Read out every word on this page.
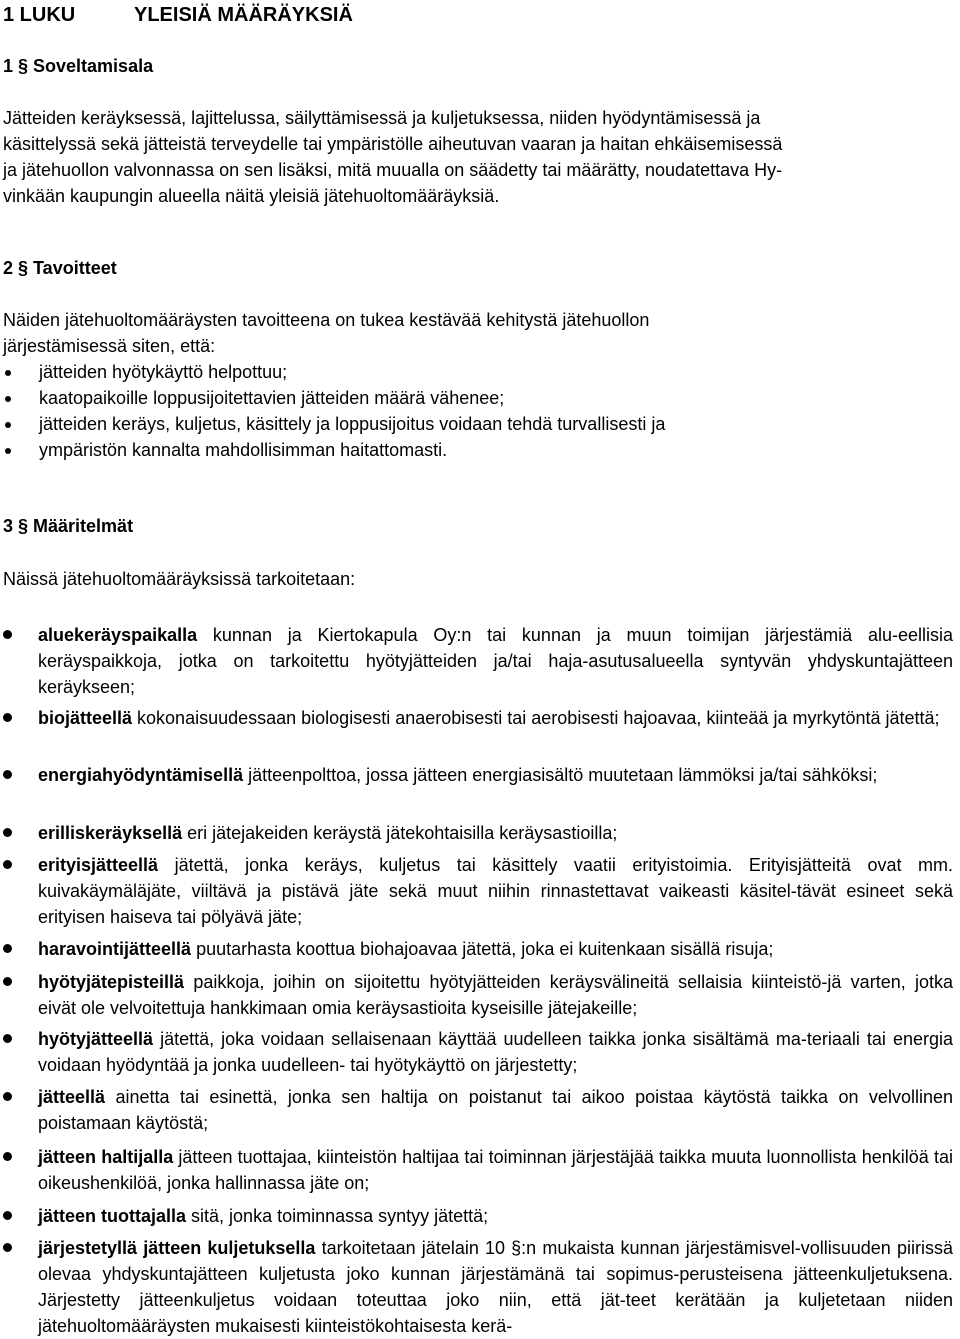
1 LUKU	YLEISIÄ MÄÄRÄYKSIÄ
1 § Soveltamisala
Jätteiden keräyksessä, lajittelussa, säilyttämisessä ja kuljetuksessa, niiden hyödyntämisessä ja
käsittelyssä sekä jätteistä terveydelle tai ympäristölle aiheutuvan vaaran ja haitan ehkäisemisessä
ja jätehuollon valvonnassa on sen lisäksi, mitä muualla on säädetty tai määrätty, noudatettava Hy-
vinkään kaupungin alueella näitä yleisiä jätehuoltomääräyksiä.
2 § Tavoitteet
Näiden jätehuoltomääräysten tavoitteena on tukea kestävää kehitystä jätehuollon
järjestämisessä siten, että:
jätteiden hyötykäyttö helpottuu;
kaatopaikoille loppusijoitettavien jätteiden määrä vähenee;
jätteiden keräys, kuljetus, käsittely ja loppusijoitus voidaan tehdä turvallisesti ja
ympäristön kannalta mahdollisimman haitattomasti.
3 § Määritelmät
Näissä jätehuoltomääräyksissä tarkoitetaan:
aluekeräyspaikalla kunnan ja Kiertokapula Oy:n tai kunnan ja muun toimijan järjestämiä alu-eellisia keräyspaikkoja, jotka on tarkoitettu hyötyjätteiden ja/tai haja-asutusalueella syntyvän yhdyskuntajätteen keräykseen;
biojätteellä kokonaisuudessaan biologisesti anaerobisesti tai aerobisesti hajoavaa, kiinteää ja myrkytöntä jätettä;
energiahyödyntämisellä jätteenpolttoa, jossa jätteen energiasisältö muutetaan lämmöksi ja/tai sähköksi;
erilliskeräyksellä eri jätejakeiden keräystä jätekohtaisilla keräysastioilla;
erityisjätteellä jätettä, jonka keräys, kuljetus tai käsittely vaatii erityistoimia. Erityisjätteitä ovat mm. kuivakäymäläjäte, viiltävä ja pistävä jäte sekä muut niihin rinnastettavat vaikeasti käsitel-tävät esineet sekä erityisen haiseva tai pölyävä jäte;
haravointijätteellä puutarhasta koottua biohajoavaa jätettä, joka ei kuitenkaan sisällä risuja;
hyötyjätepisteillä paikkoja, joihin on sijoitettu hyötyjätteiden keräysvälineitä sellaisia kiinteistö-jä varten, jotka eivät ole velvoitettuja hankkimaan omia keräysastioita kyseisille jätejakeille;
hyötyjätteellä jätettä, joka voidaan sellaisenaan käyttää uudelleen taikka jonka sisältämä ma-teriaali tai energia voidaan hyödyntää ja jonka uudelleen- tai hyötykäyttö on järjestetty;
jätteellä ainetta tai esinettä, jonka sen haltija on poistanut tai aikoo poistaa käytöstä taikka on velvollinen poistamaan käytöstä;
jätteen haltijalla jätteen tuottajaa, kiinteistön haltijaa tai toiminnan järjestäjää taikka muuta luonnollista henkilöä tai oikeushenkilöä, jonka hallinnassa jäte on;
jätteen tuottajalla sitä, jonka toiminnassa syntyy jätettä;
järjestetyllä jätteen kuljetuksella tarkoitetaan jätelain 10 §:n mukaista kunnan järjestämisvel-vollisuuden piirissä olevaa yhdyskuntajätteen kuljetusta joko kunnan järjestämänä tai sopimus-perusteisena jätteenkuljetuksena. Järjestetty jätteenkuljetus voidaan toteuttaa joko niin, että jät-teet kerätään ja kuljetetaan niiden jätehuoltomääräysten mukaisesti kiinteistökohtaisesta kerä-
